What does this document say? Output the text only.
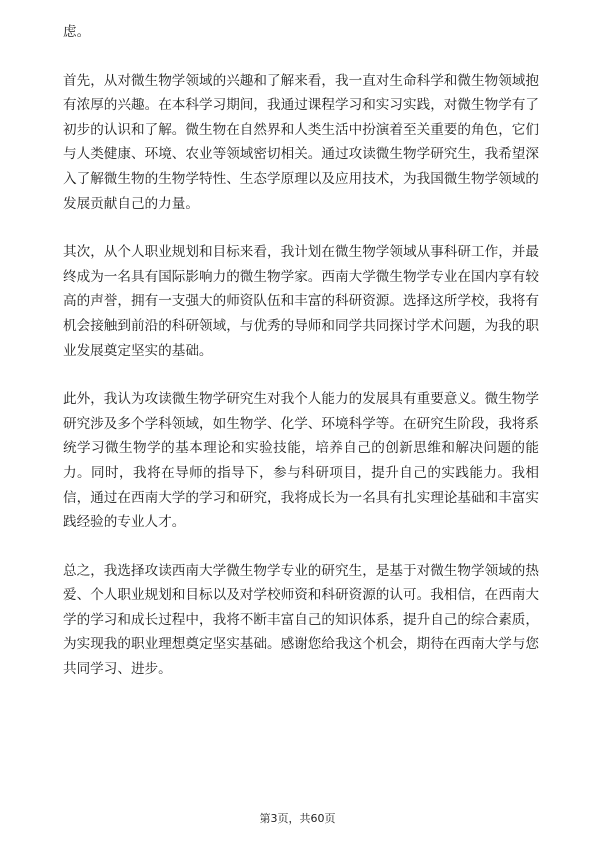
虑。

首先，从对微生物学领域的兴趣和了解来看，我一直对生命科学和微生物领域抱有浓厚的兴趣。在本科学习期间，我通过课程学习和实习实践，对微生物学有了初步的认识和了解。微生物在自然界和人类生活中扮演着至关重要的角色，它们与人类健康、环境、农业等领域密切相关。通过攻读微生物学研究生，我希望深入了解微生物的生物学特性、生态学原理以及应用技术，为我国微生物学领域的发展贡献自己的力量。

其次，从个人职业规划和目标来看，我计划在微生物学领域从事科研工作，并最终成为一名具有国际影响力的微生物学家。西南大学微生物学专业在国内享有较高的声誉，拥有一支强大的师资队伍和丰富的科研资源。选择这所学校，我将有机会接触到前沿的科研领域，与优秀的导师和同学共同探讨学术问题，为我的职业发展奠定坚实的基础。

此外，我认为攻读微生物学研究生对我个人能力的发展具有重要意义。微生物学研究涉及多个学科领域，如生物学、化学、环境科学等。在研究生阶段，我将系统学习微生物学的基本理论和实验技能，培养自己的创新思维和解决问题的能力。同时，我将在导师的指导下，参与科研项目，提升自己的实践能力。我相信，通过在西南大学的学习和研究，我将成长为一名具有扎实理论基础和丰富实践经验的专业人才。

总之，我选择攻读西南大学微生物学专业的研究生，是基于对微生物学领域的热爱、个人职业规划和目标以及对学校师资和科研资源的认可。我相信，在西南大学的学习和成长过程中，我将不断丰富自己的知识体系，提升自己的综合素质，为实现我的职业理想奠定坚实基础。感谢您给我这个机会，期待在西南大学与您共同学习、进步。

第3页，共60页
